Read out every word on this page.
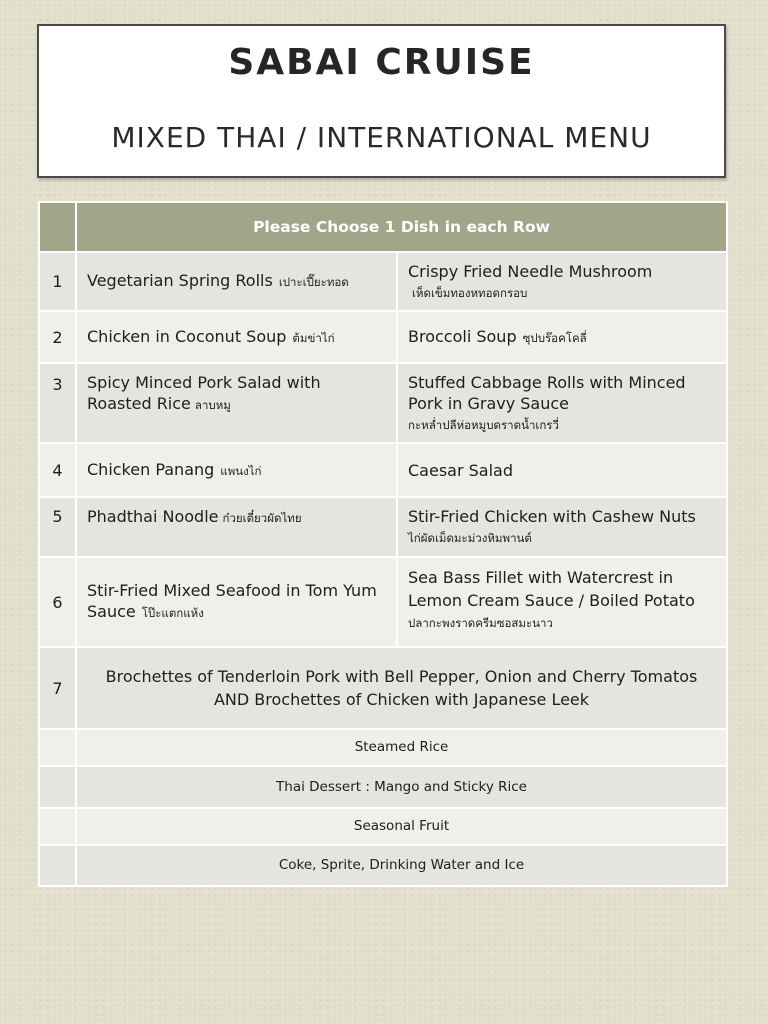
SABAI CRUISE
MIXED THAI / INTERNATIONAL MENU
	Please Choose 1 Dish in each Row	
1	Vegetarian Spring Rolls เปาะเปี๊ยะทอด	Crispy Fried Needle Mushroom
เห็ดเข็มทองหทอดกรอบ

2	Chicken in Coconut Soup ต้มข่าไก่	Broccoli Soup ซุปบร๊อคโคลี่
3	Spicy Minced Pork Salad with Roasted Rice ลาบหมู	Stuffed Cabbage Rolls with Minced Pork in Gravy Sauce
กะหล่ำปลีห่อหมูบดราดน้ำเกรวี่

4	Chicken Panang แพนงไก่	Caesar Salad
5	Phadthai Noodle ก๋วยเตี๋ยวผัดไทย	Stir-Fried Chicken with Cashew Nuts
ไก่ผัดเม็ดมะม่วงหิมพานต์

6	Stir-Fried Mixed Seafood in Tom Yum Sauce โป๊ะแตกแห้ง	Sea Bass Fillet with Watercrest in Lemon Cream Sauce / Boiled Potato
ปลากะพงราดครีมซอสมะนาว

7	Brochettes of Tenderloin Pork with Bell Pepper, Onion and Cherry Tomatos AND Brochettes of Chicken with Japanese Leek	
	Steamed Rice	
	Thai Dessert : Mango and Sticky Rice	
	Seasonal Fruit	
	Coke, Sprite, Drinking Water and Ice	
